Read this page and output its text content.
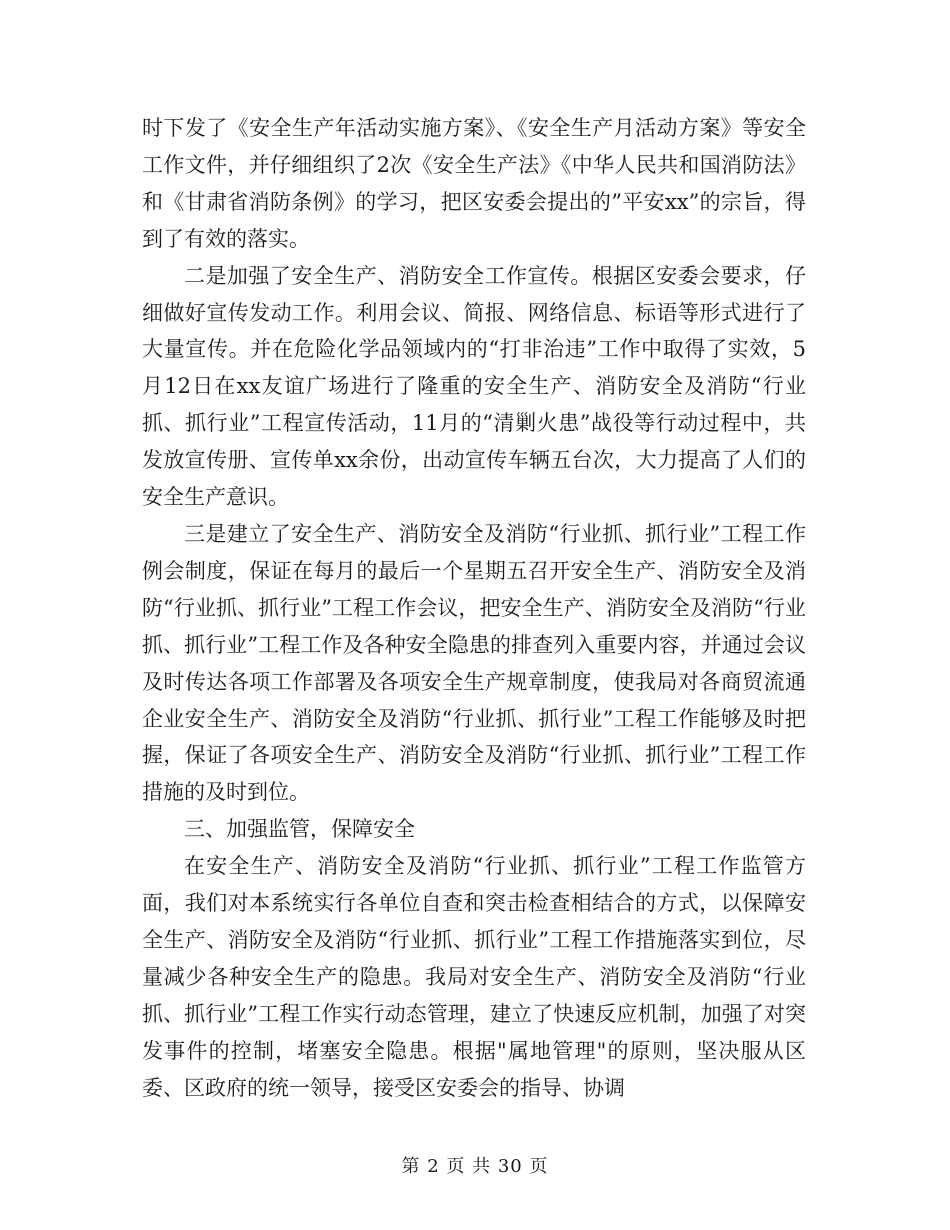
时下发了《安全生产年活动实施方案》、《安全生产月活动方案》等安全工作文件，并仔细组织了2次《安全生产法》《中华人民共和国消防法》和《甘肃省消防条例》的学习，把区安委会提出的”平安xx”的宗旨，得到了有效的落实。

二是加强了安全生产、消防安全工作宣传。根据区安委会要求，仔细做好宣传发动工作。利用会议、简报、网络信息、标语等形式进行了大量宣传。并在危险化学品领域内的“打非治违”工作中取得了实效，5月12日在xx友谊广场进行了隆重的安全生产、消防安全及消防“行业抓、抓行业”工程宣传活动，11月的“清剿火患”战役等行动过程中，共发放宣传册、宣传单xx余份，出动宣传车辆五台次，大力提高了人们的安全生产意识。

三是建立了安全生产、消防安全及消防“行业抓、抓行业”工程工作例会制度，保证在每月的最后一个星期五召开安全生产、消防安全及消防“行业抓、抓行业”工程工作会议，把安全生产、消防安全及消防“行业抓、抓行业”工程工作及各种安全隐患的排查列入重要内容，并通过会议及时传达各项工作部署及各项安全生产规章制度，使我局对各商贸流通企业安全生产、消防安全及消防“行业抓、抓行业”工程工作能够及时把握，保证了各项安全生产、消防安全及消防“行业抓、抓行业”工程工作措施的及时到位。

三、加强监管，保障安全

在安全生产、消防安全及消防“行业抓、抓行业”工程工作监管方面，我们对本系统实行各单位自查和突击检查相结合的方式，以保障安全生产、消防安全及消防“行业抓、抓行业”工程工作措施落实到位，尽量减少各种安全生产的隐患。我局对安全生产、消防安全及消防“行业抓、抓行业”工程工作实行动态管理，建立了快速反应机制，加强了对突发事件的控制，堵塞安全隐患。根据"属地管理"的原则，坚决服从区委、区政府的统一领导，接受区安委会的指导、协调

第 2 页 共 30 页
